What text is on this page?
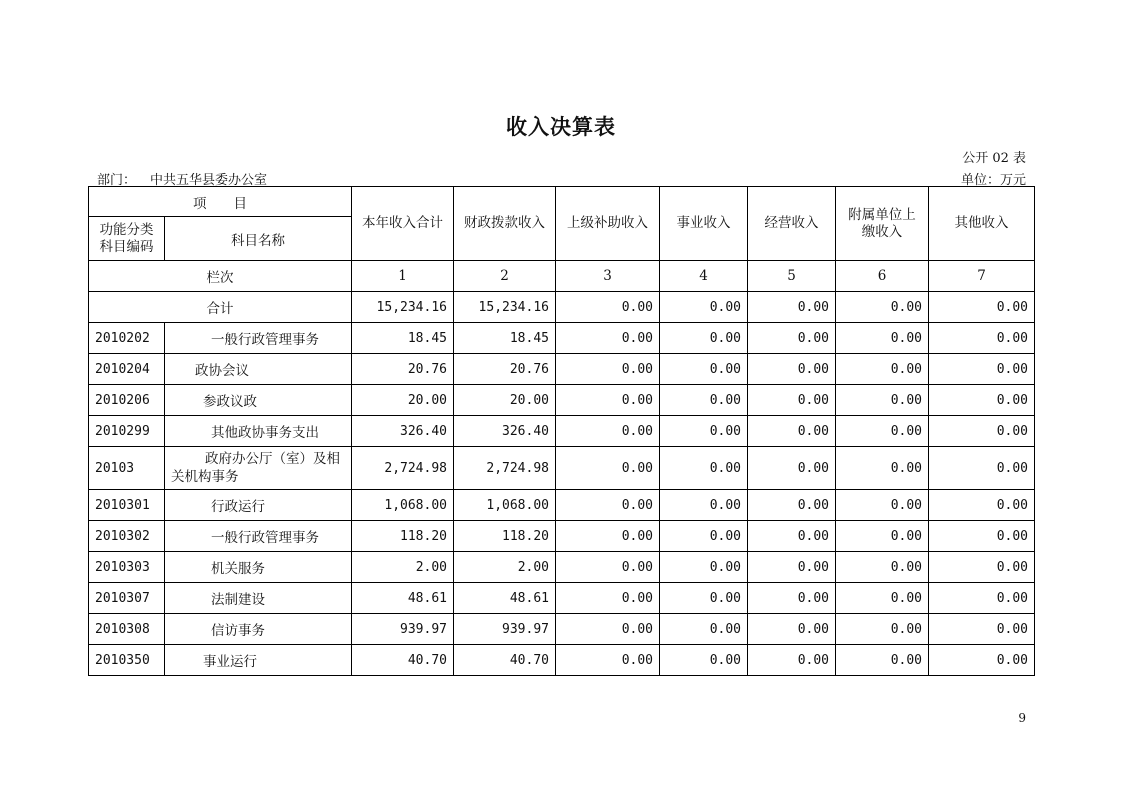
收入决算表
公开 02 表
部门： 中共五华县委办公室	单位：万元
项　　目		本年收入合计	财政拨款收入	上级补助收入	事业收入	经营收入	附属单位上缴收入	其他收入
功能分类科目编码	科目名称							
栏次		1	2	3	4	5	6	7
合计		15,234.16	15,234.16	0.00	0.00	0.00	0.00	0.00
2010202	一般行政管理事务	18.45	18.45	0.00	0.00	0.00	0.00	0.00
2010204	政协会议	20.76	20.76	0.00	0.00	0.00	0.00	0.00
2010206	参政议政	20.00	20.00	0.00	0.00	0.00	0.00	0.00
2010299	其他政协事务支出	326.40	326.40	0.00	0.00	0.00	0.00	0.00
20103	政府办公厅（室）及相关机构事务	2,724.98	2,724.98	0.00	0.00	0.00	0.00	0.00
2010301	行政运行	1,068.00	1,068.00	0.00	0.00	0.00	0.00	0.00
2010302	一般行政管理事务	118.20	118.20	0.00	0.00	0.00	0.00	0.00
2010303	机关服务	2.00	2.00	0.00	0.00	0.00	0.00	0.00
2010307	法制建设	48.61	48.61	0.00	0.00	0.00	0.00	0.00
2010308	信访事务	939.97	939.97	0.00	0.00	0.00	0.00	0.00
2010350	事业运行	40.70	40.70	0.00	0.00	0.00	0.00	0.00
9
